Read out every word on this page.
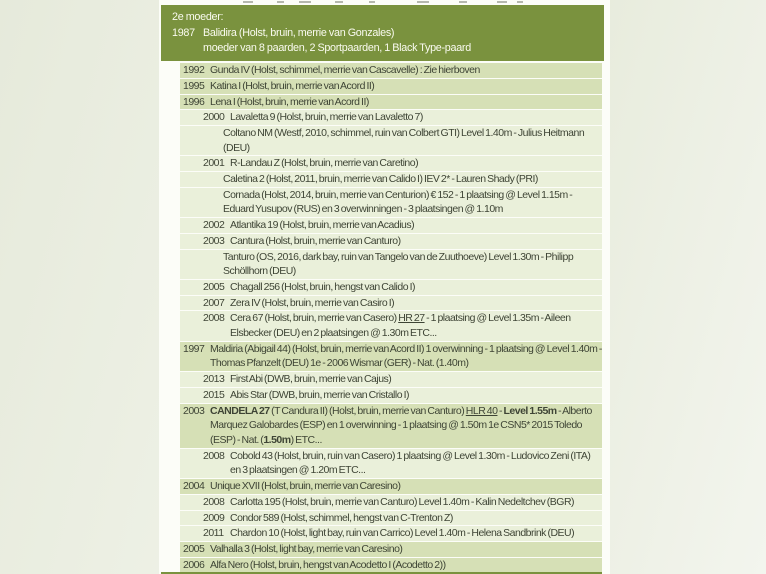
2e moeder:
1987 Balidira (Holst, bruin, merrie van Gonzales)
moeder van 8 paarden, 2 Sportpaarden, 1 Black Type-paard

1992 Gunda IV (Holst, schimmel, merrie van Cascavelle) : Zie hierboven

1995 Katina I (Holst, bruin, merrie van Acord II)

1996 Lena I (Holst, bruin, merrie van Acord II)

2000 Lavaletta 9 (Holst, bruin, merrie van Lavaletto 7)

Coltano NM (Westf, 2010, schimmel, ruin van Colbert GTI) Level 1.40m - Julius Heitmann (DEU)

2001 R-Landau Z (Holst, bruin, merrie van Caretino)

Caletina 2 (Holst, 2011, bruin, merrie van Calido I) IEV 2* - Lauren Shady (PRI)

Cornada (Holst, 2014, bruin, merrie van Centurion) € 152 - 1 plaatsing @ Level 1.15m - Eduard Yusupov (RUS) en 3 overwinningen - 3 plaatsingen @ 1.10m

2002 Atlantika 19 (Holst, bruin, merrie van Acadius)

2003 Cantura (Holst, bruin, merrie van Canturo)

Tanturo (OS, 2016, dark bay, ruin van Tangelo van de Zuuthoeve) Level 1.30m - Philipp Schöllhorn (DEU)

2005 Chagall 256 (Holst, bruin, hengst van Calido I)

2007 Zera IV (Holst, bruin, merrie van Casiro I)

2008 Cera 67 (Holst, bruin, merrie van Casero) HR 27 - 1 plaatsing @ Level 1.35m - Aileen Elsbecker (DEU) en 2 plaatsingen @ 1.30m ETC...

1997 Maldiria (Abigail 44) (Holst, bruin, merrie van Acord II) 1 overwinning - 1 plaatsing @ Level 1.40m - Thomas Pfanzelt (DEU) 1e - 2006 Wismar (GER) - Nat. (1.40m)

2013 First Abi (DWB, bruin, merrie van Cajus)

2015 Abis Star (DWB, bruin, merrie van Cristallo I)

2003 CANDELA 27 (T Candura II) (Holst, bruin, merrie van Canturo) HLR 40 - Level 1.55m - Alberto Marquez Galobardes (ESP) en 1 overwinning - 1 plaatsing @ 1.50m 1e CSN5* 2015 Toledo (ESP) - Nat. (1.50m) ETC...

2008 Cobold 43 (Holst, bruin, ruin van Casero) 1 plaatsing @ Level 1.30m - Ludovico Zeni (ITA) en 3 plaatsingen @ 1.20m ETC...

2004 Unique XVII (Holst, bruin, merrie van Caresino)

2008 Carlotta 195 (Holst, bruin, merrie van Canturo) Level 1.40m - Kalin Nedeltchev (BGR)

2009 Condor 589 (Holst, schimmel, hengst van C-Trenton Z)

2011 Chardon 10 (Holst, light bay, ruin van Carrico) Level 1.40m - Helena Sandbrink (DEU)

2005 Valhalla 3 (Holst, light bay, merrie van Caresino)

2006 Alfa Nero (Holst, bruin, hengst van Acodetto I (Acodetto 2))
